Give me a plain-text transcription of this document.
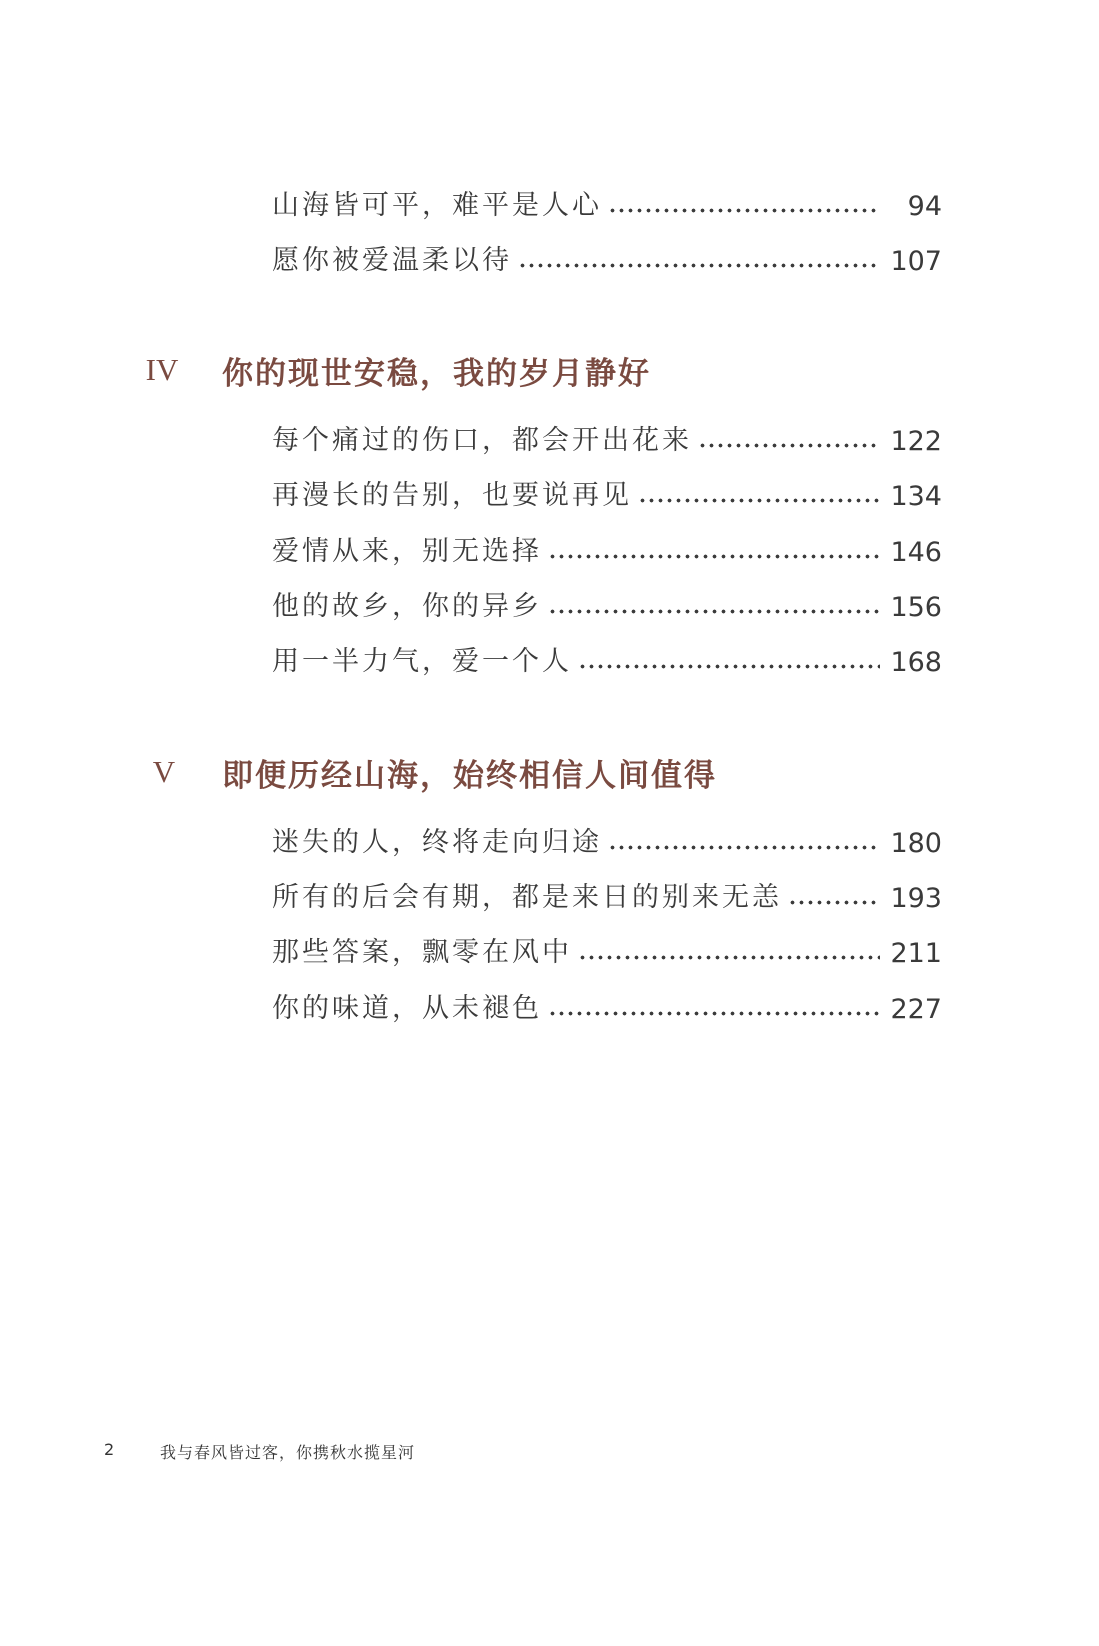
山海皆可平，难平是人心	94
愿你被爱温柔以待	107
IV	你的现世安稳，我的岁月静好
每个痛过的伤口，都会开出花来	122
再漫长的告别，也要说再见	134
爱情从来，别无选择	146
他的故乡，你的异乡	156
用一半力气，爱一个人	168
V	即便历经山海，始终相信人间值得
迷失的人，终将走向归途	180
所有的后会有期，都是来日的别来无恙	193
那些答案，飘零在风中	211
你的味道，从未褪色	227
2	我与春风皆过客，你携秋水揽星河
